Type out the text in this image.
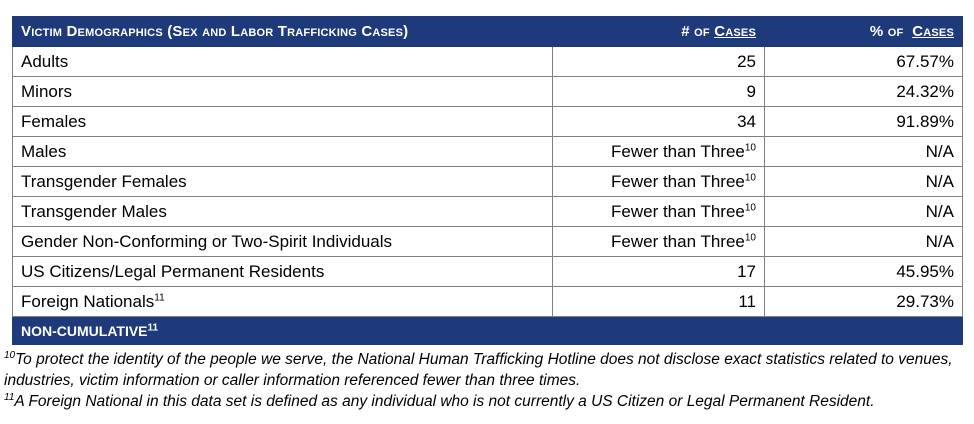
Victim Demographics (Sex and Labor Trafficking Cases)	# of Cases	% of  Cases
Adults	25	67.57%
Minors	9	24.32%
Females	34	91.89%
Males	Fewer than Three$^{10}$	N/A
Transgender Females	Fewer than Three$^{10}$	N/A
Transgender Males	Fewer than Three$^{10}$	N/A
Gender Non-Conforming or Two-Spirit Individuals	Fewer than Three$^{10}$	N/A
US Citizens/Legal Permanent Residents	17	45.95%
Foreign Nationals$^{11}$	11	29.73%
NON-CUMULATIVE$^{11}$

$^{10}$To protect the identity of the people we serve, the National Human Trafficking Hotline does not disclose exact statistics related to venues, industries, victim information or caller information referenced fewer than three times.

$^{11}$A Foreign National in this data set is defined as any individual who is not currently a US Citizen or Legal Permanent Resident.
